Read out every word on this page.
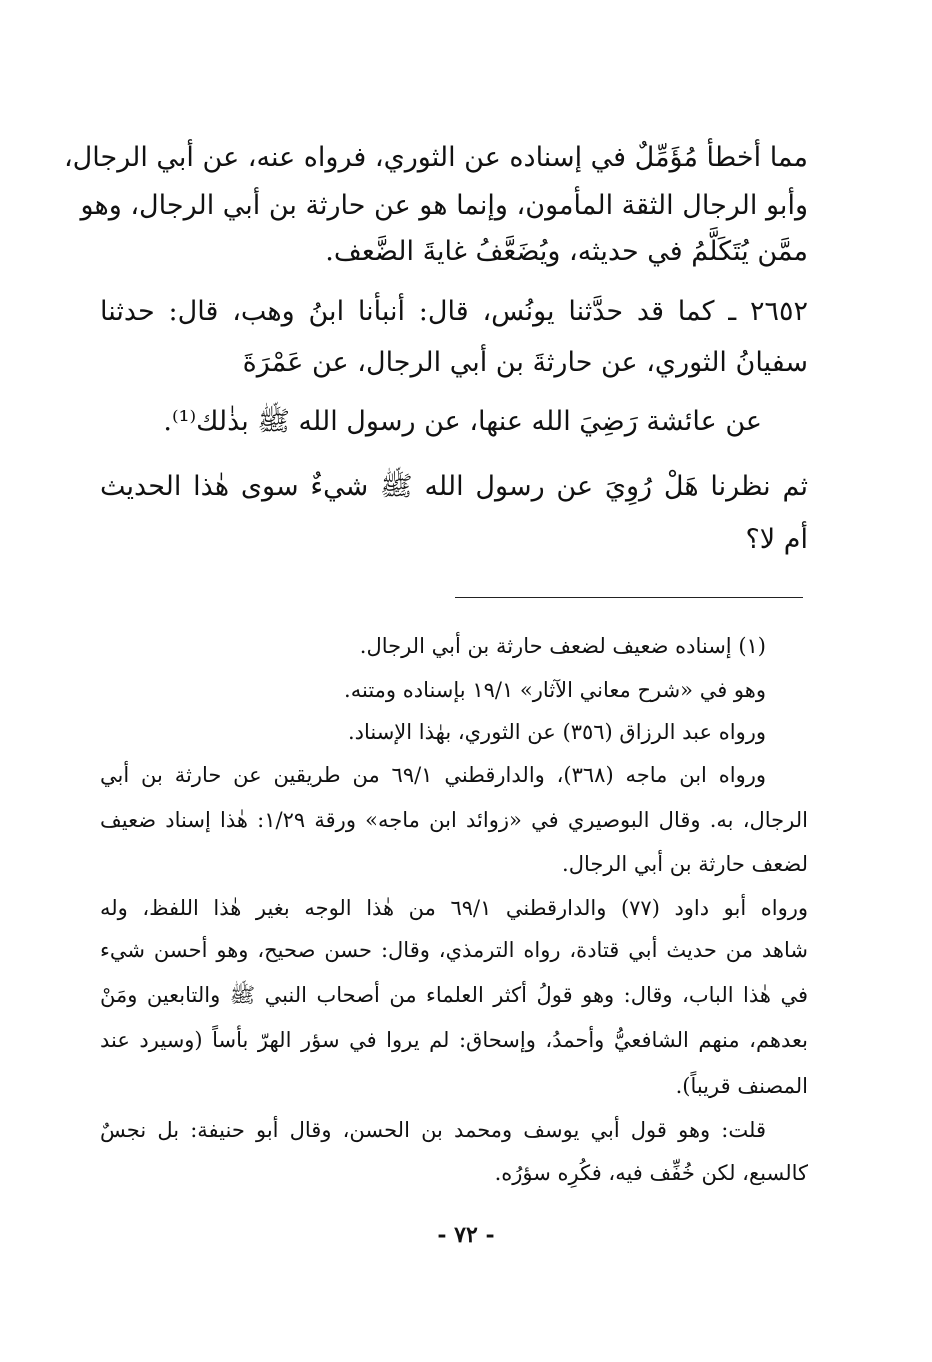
مما أخطأ مُؤَمِّلٌ في إسناده عن الثوري، فرواه عنه، عن أبي الرجال،

وأبو الرجال الثقة المأمون، وإنما هو عن حارثة بن أبي الرجال، وهو

ممَّن يُتَكَلَّمُ في حديثه، ويُضَعَّفُ غايةَ الضَّعف.

٢٦٥٢ ـ كما قد حدَّثنا يونُس، قال: أنبأنا ابنُ وهب، قال: حدثنا

سفيانُ الثوري، عن حارثةَ بن أبي الرجال، عن عَمْرَةَ

عن عائشة رَضِيَ الله عنها، عن رسول الله ﷺ بذٰلك⁽¹⁾.

ثم نظرنا هَلْ رُوِيَ عن رسول الله ﷺ شيءٌ سوى هٰذا الحديث

أم لا؟

(١) إسناده ضعيف لضعف حارثة بن أبي الرجال.

وهو في «شرح معاني الآثار» ١٩/١ بإسناده ومتنه.

ورواه عبد الرزاق (٣٥٦) عن الثوري، بهٰذا الإسناد.

ورواه ابن ماجه (٣٦٨)، والدارقطني ٦٩/١ من طريقين عن حارثة بن أبي

الرجال، به. وقال البوصيري في «زوائد ابن ماجه» ورقة ١/٢٩: هٰذا إسناد ضعيف

لضعف حارثة بن أبي الرجال.

ورواه أبو داود (٧٧) والدارقطني ٦٩/١ من هٰذا الوجه بغير هٰذا اللفظ، وله

شاهد من حديث أبي قتادة، رواه الترمذي، وقال: حسن صحيح، وهو أحسن شيء

في هٰذا الباب، وقال: وهو قولُ أكثر العلماء من أصحاب النبي ﷺ والتابعين ومَنْ

بعدهم، منهم الشافعيُّ وأحمدُ، وإسحاق: لم يروا في سؤر الهرّ بأساً (وسيرد عند

المصنف قريباً).

قلت: وهو قول أبي يوسف ومحمد بن الحسن، وقال أبو حنيفة: بل نجسٌ

كالسبع، لكن خُفِّف فيه، فكُرِه سؤرُه.

- ٧٢ -
